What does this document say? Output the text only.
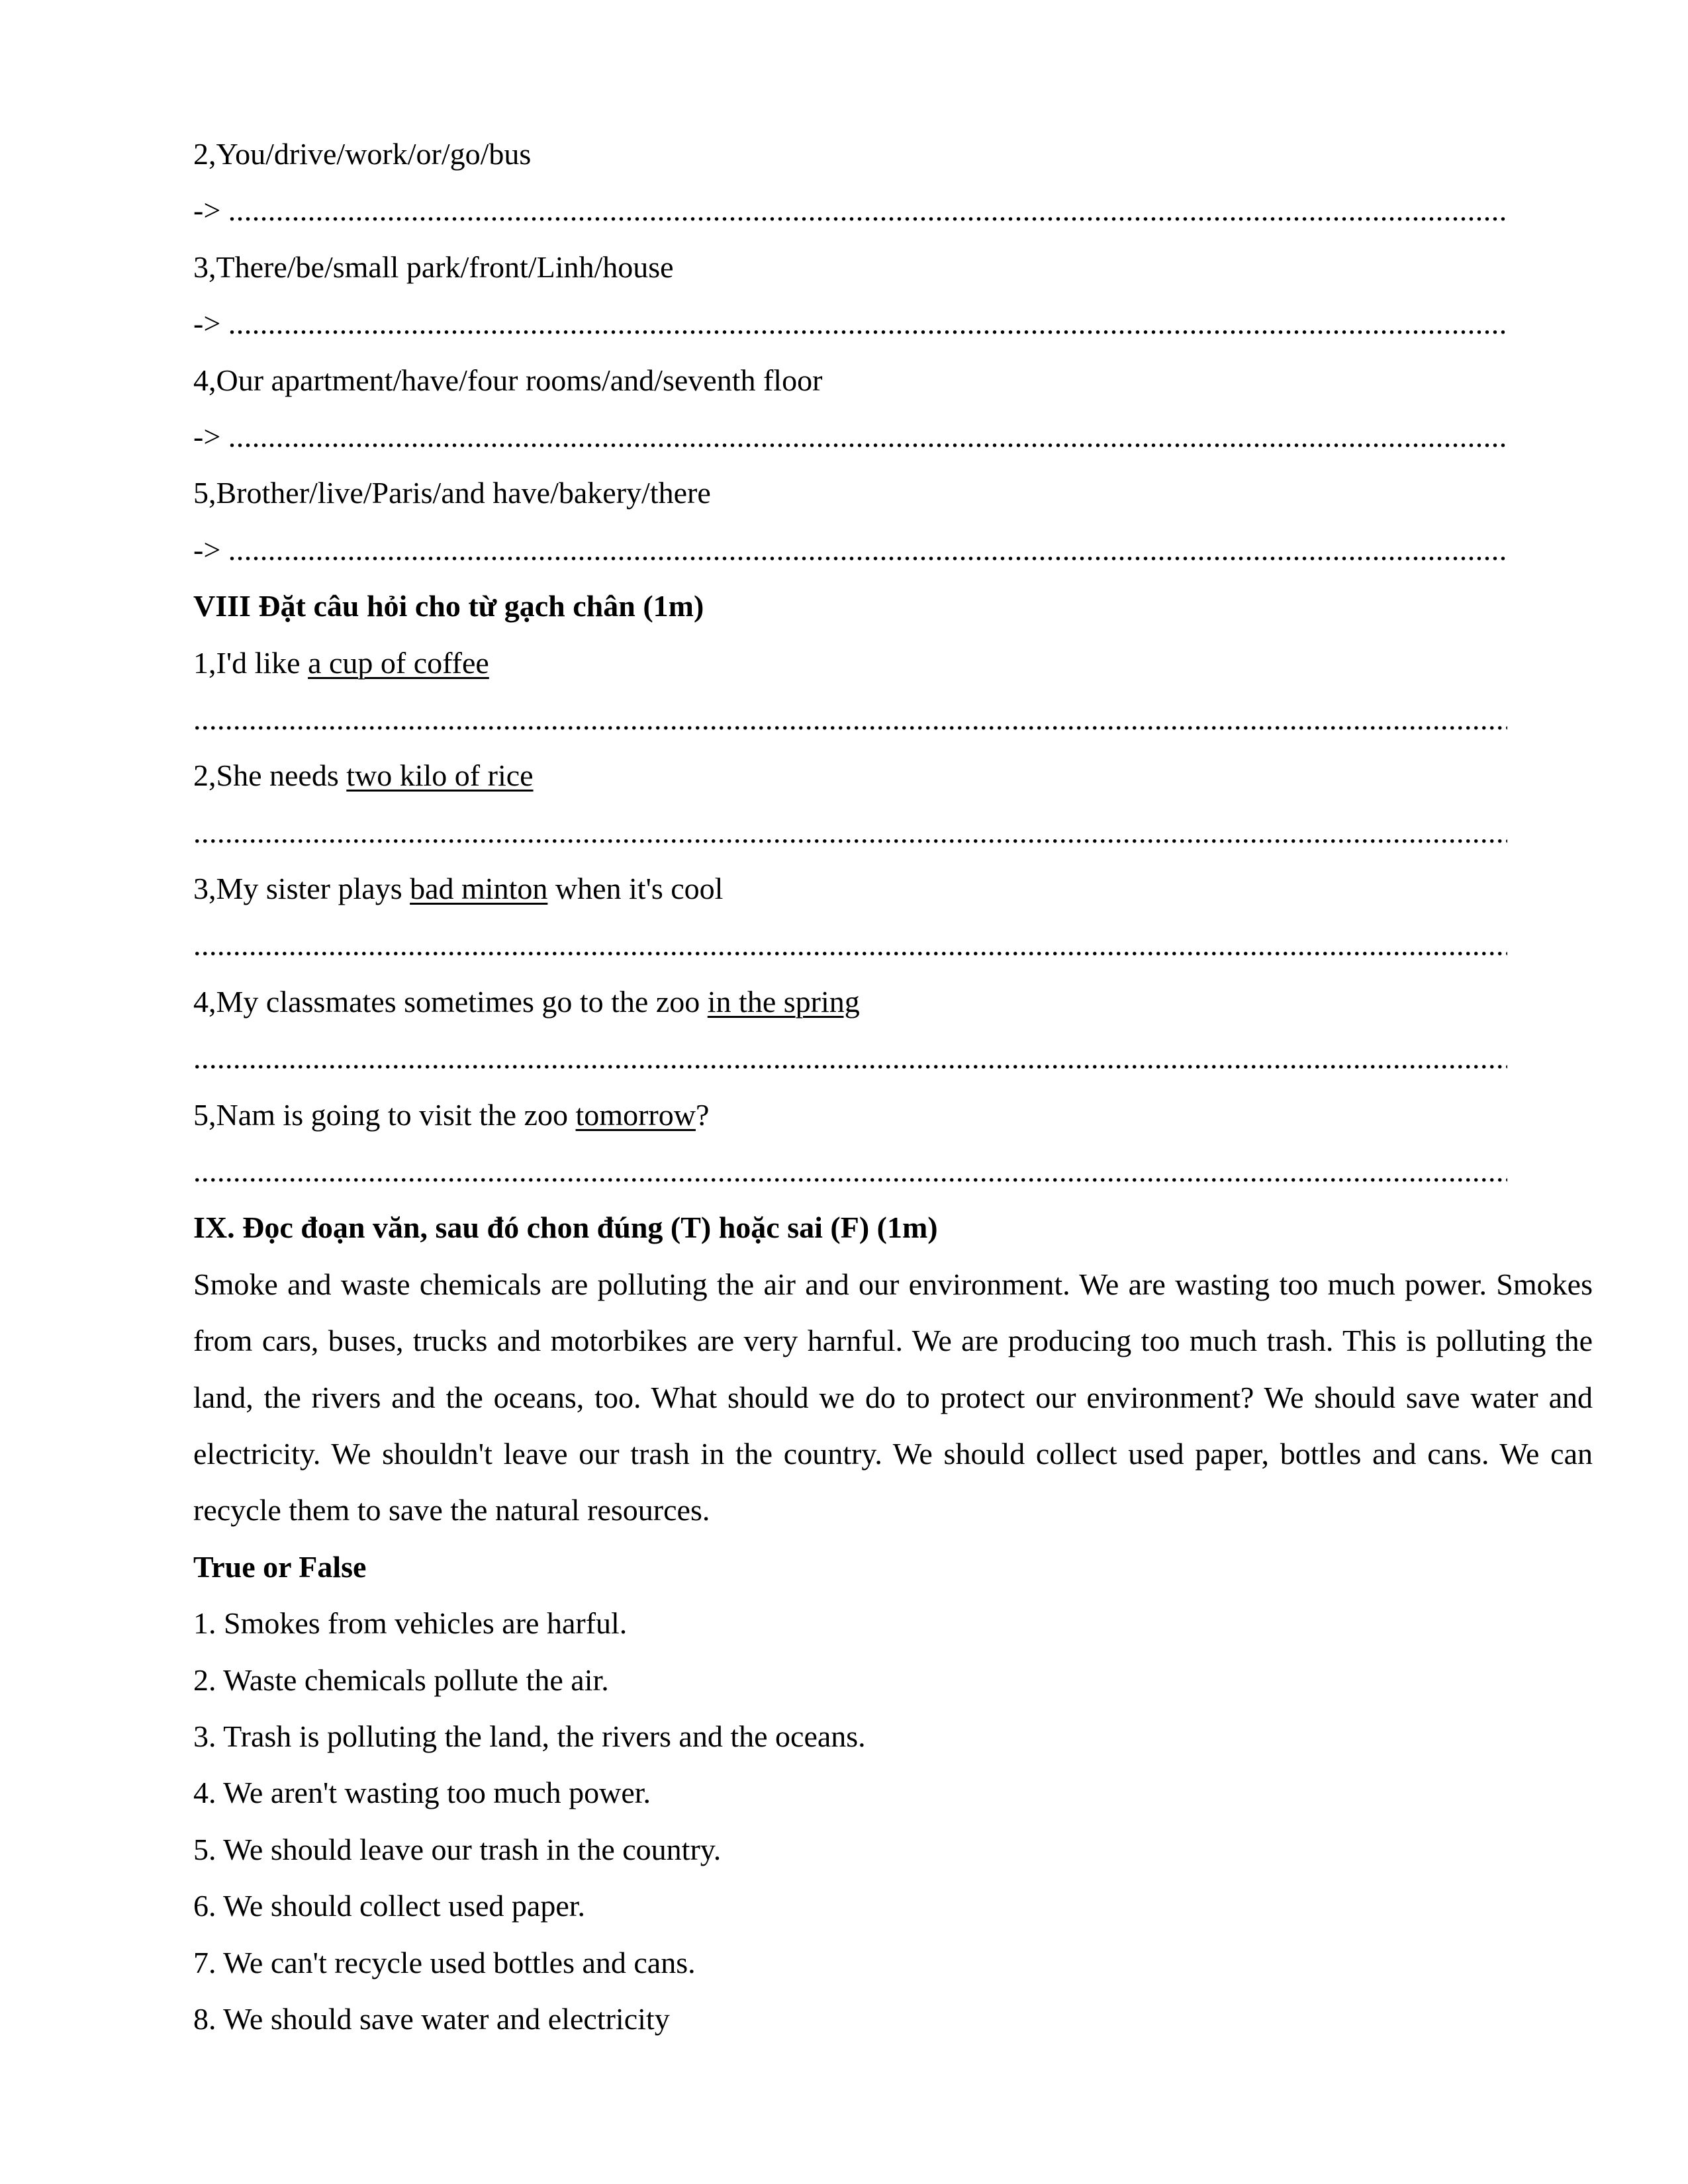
2,You/drive/work/or/go/bus
-> .....
3,There/be/small park/front/Linh/house
-> .....
4,Our apartment/have/four rooms/and/seventh floor
-> .....
5,Brother/live/Paris/and have/bakery/there
-> .....
VIII Đặt câu hỏi cho từ gạch chân (1m)
1,I'd like a cup of coffee
.....
2,She needs two kilo of rice
.....
3,My sister plays bad minton when it's cool
.....
4,My classmates sometimes go to the zoo in the spring
.....
5,Nam is going to visit the zoo tomorrow?
.....
IX. Đọc đoạn văn, sau đó chon đúng (T) hoặc sai (F) (1m)
Smoke and waste chemicals are polluting the air and our environment. We are wasting too much power. Smokes from cars, buses, trucks and motorbikes are very harnful. We are producing too much trash. This is polluting the land, the rivers and the oceans, too. What should we do to protect our environment? We should save water and electricity. We shouldn't leave our trash in the country. We should collect used paper, bottles and cans. We can recycle them to save the natural resources.
True or False
1. Smokes from vehicles are harful.
2. Waste chemicals pollute the air.
3. Trash is polluting the land, the rivers and the oceans.
4. We aren't wasting too much power.
5. We should leave our trash in the country.
6. We should collect used paper.
7. We can't recycle used bottles and cans.
8. We should save water and electricity
